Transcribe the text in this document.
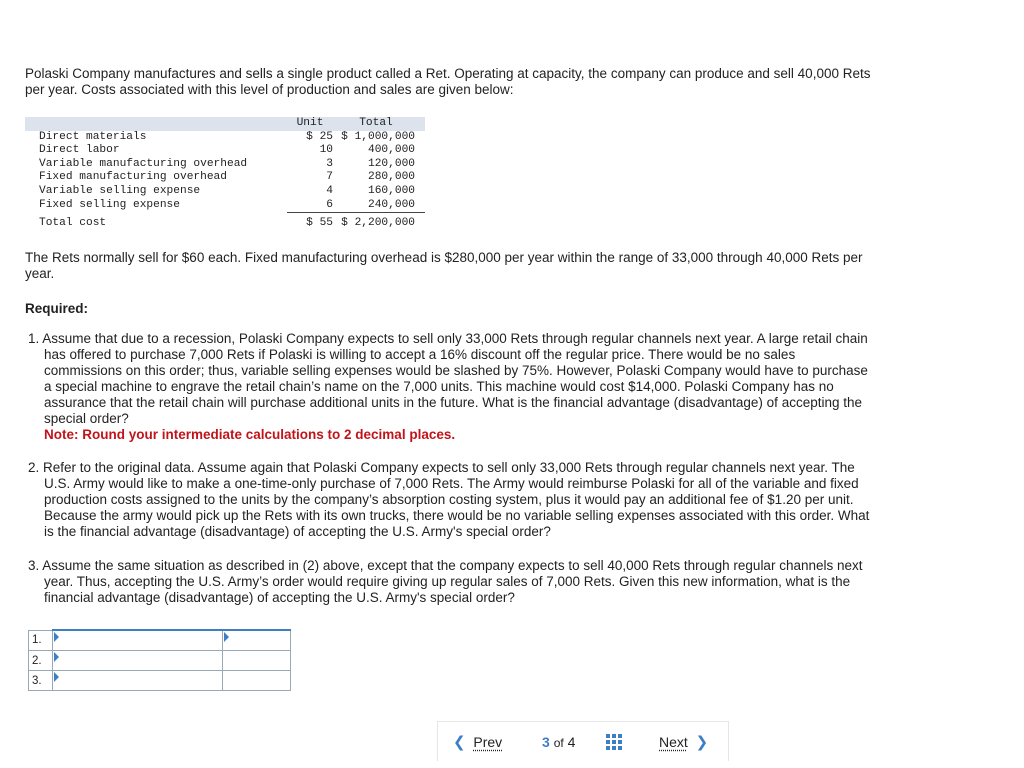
Polaski Company manufactures and sells a single product called a Ret. Operating at capacity, the company can produce and sell 40,000 Rets per year. Costs associated with this level of production and sales are given below:

	Unit	Total
Direct materials	$ 25	$ 1,000,000
Direct labor	10	400,000
Variable manufacturing overhead	3	120,000
Fixed manufacturing overhead	7	280,000
Variable selling expense	4	160,000
Fixed selling expense	6	240,000
Total cost	$ 55	$ 2,200,000

The Rets normally sell for $60 each. Fixed manufacturing overhead is $280,000 per year within the range of 33,000 through 40,000 Rets per year.

Required:

1. Assume that due to a recession, Polaski Company expects to sell only 33,000 Rets through regular channels next year. A large retail chain has offered to purchase 7,000 Rets if Polaski is willing to accept a 16% discount off the regular price. There would be no sales commissions on this order; thus, variable selling expenses would be slashed by 75%. However, Polaski Company would have to purchase a special machine to engrave the retail chain’s name on the 7,000 units. This machine would cost $14,000. Polaski Company has no assurance that the retail chain will purchase additional units in the future. What is the financial advantage (disadvantage) of accepting the special order?
Note: Round your intermediate calculations to 2 decimal places.
2. Refer to the original data. Assume again that Polaski Company expects to sell only 33,000 Rets through regular channels next year. The U.S. Army would like to make a one-time-only purchase of 7,000 Rets. The Army would reimburse Polaski for all of the variable and fixed production costs assigned to the units by the company’s absorption costing system, plus it would pay an additional fee of $1.20 per unit. Because the army would pick up the Rets with its own trucks, there would be no variable selling expenses associated with this order. What is the financial advantage (disadvantage) of accepting the U.S. Army's special order?
3. Assume the same situation as described in (2) above, except that the company expects to sell 40,000 Rets through regular channels next year. Thus, accepting the U.S. Army’s order would require giving up regular sales of 7,000 Rets. Given this new information, what is the financial advantage (disadvantage) of accepting the U.S. Army's special order?
1.	

2.	

3.	

❮ Prev	3 of 4	Next ❯
